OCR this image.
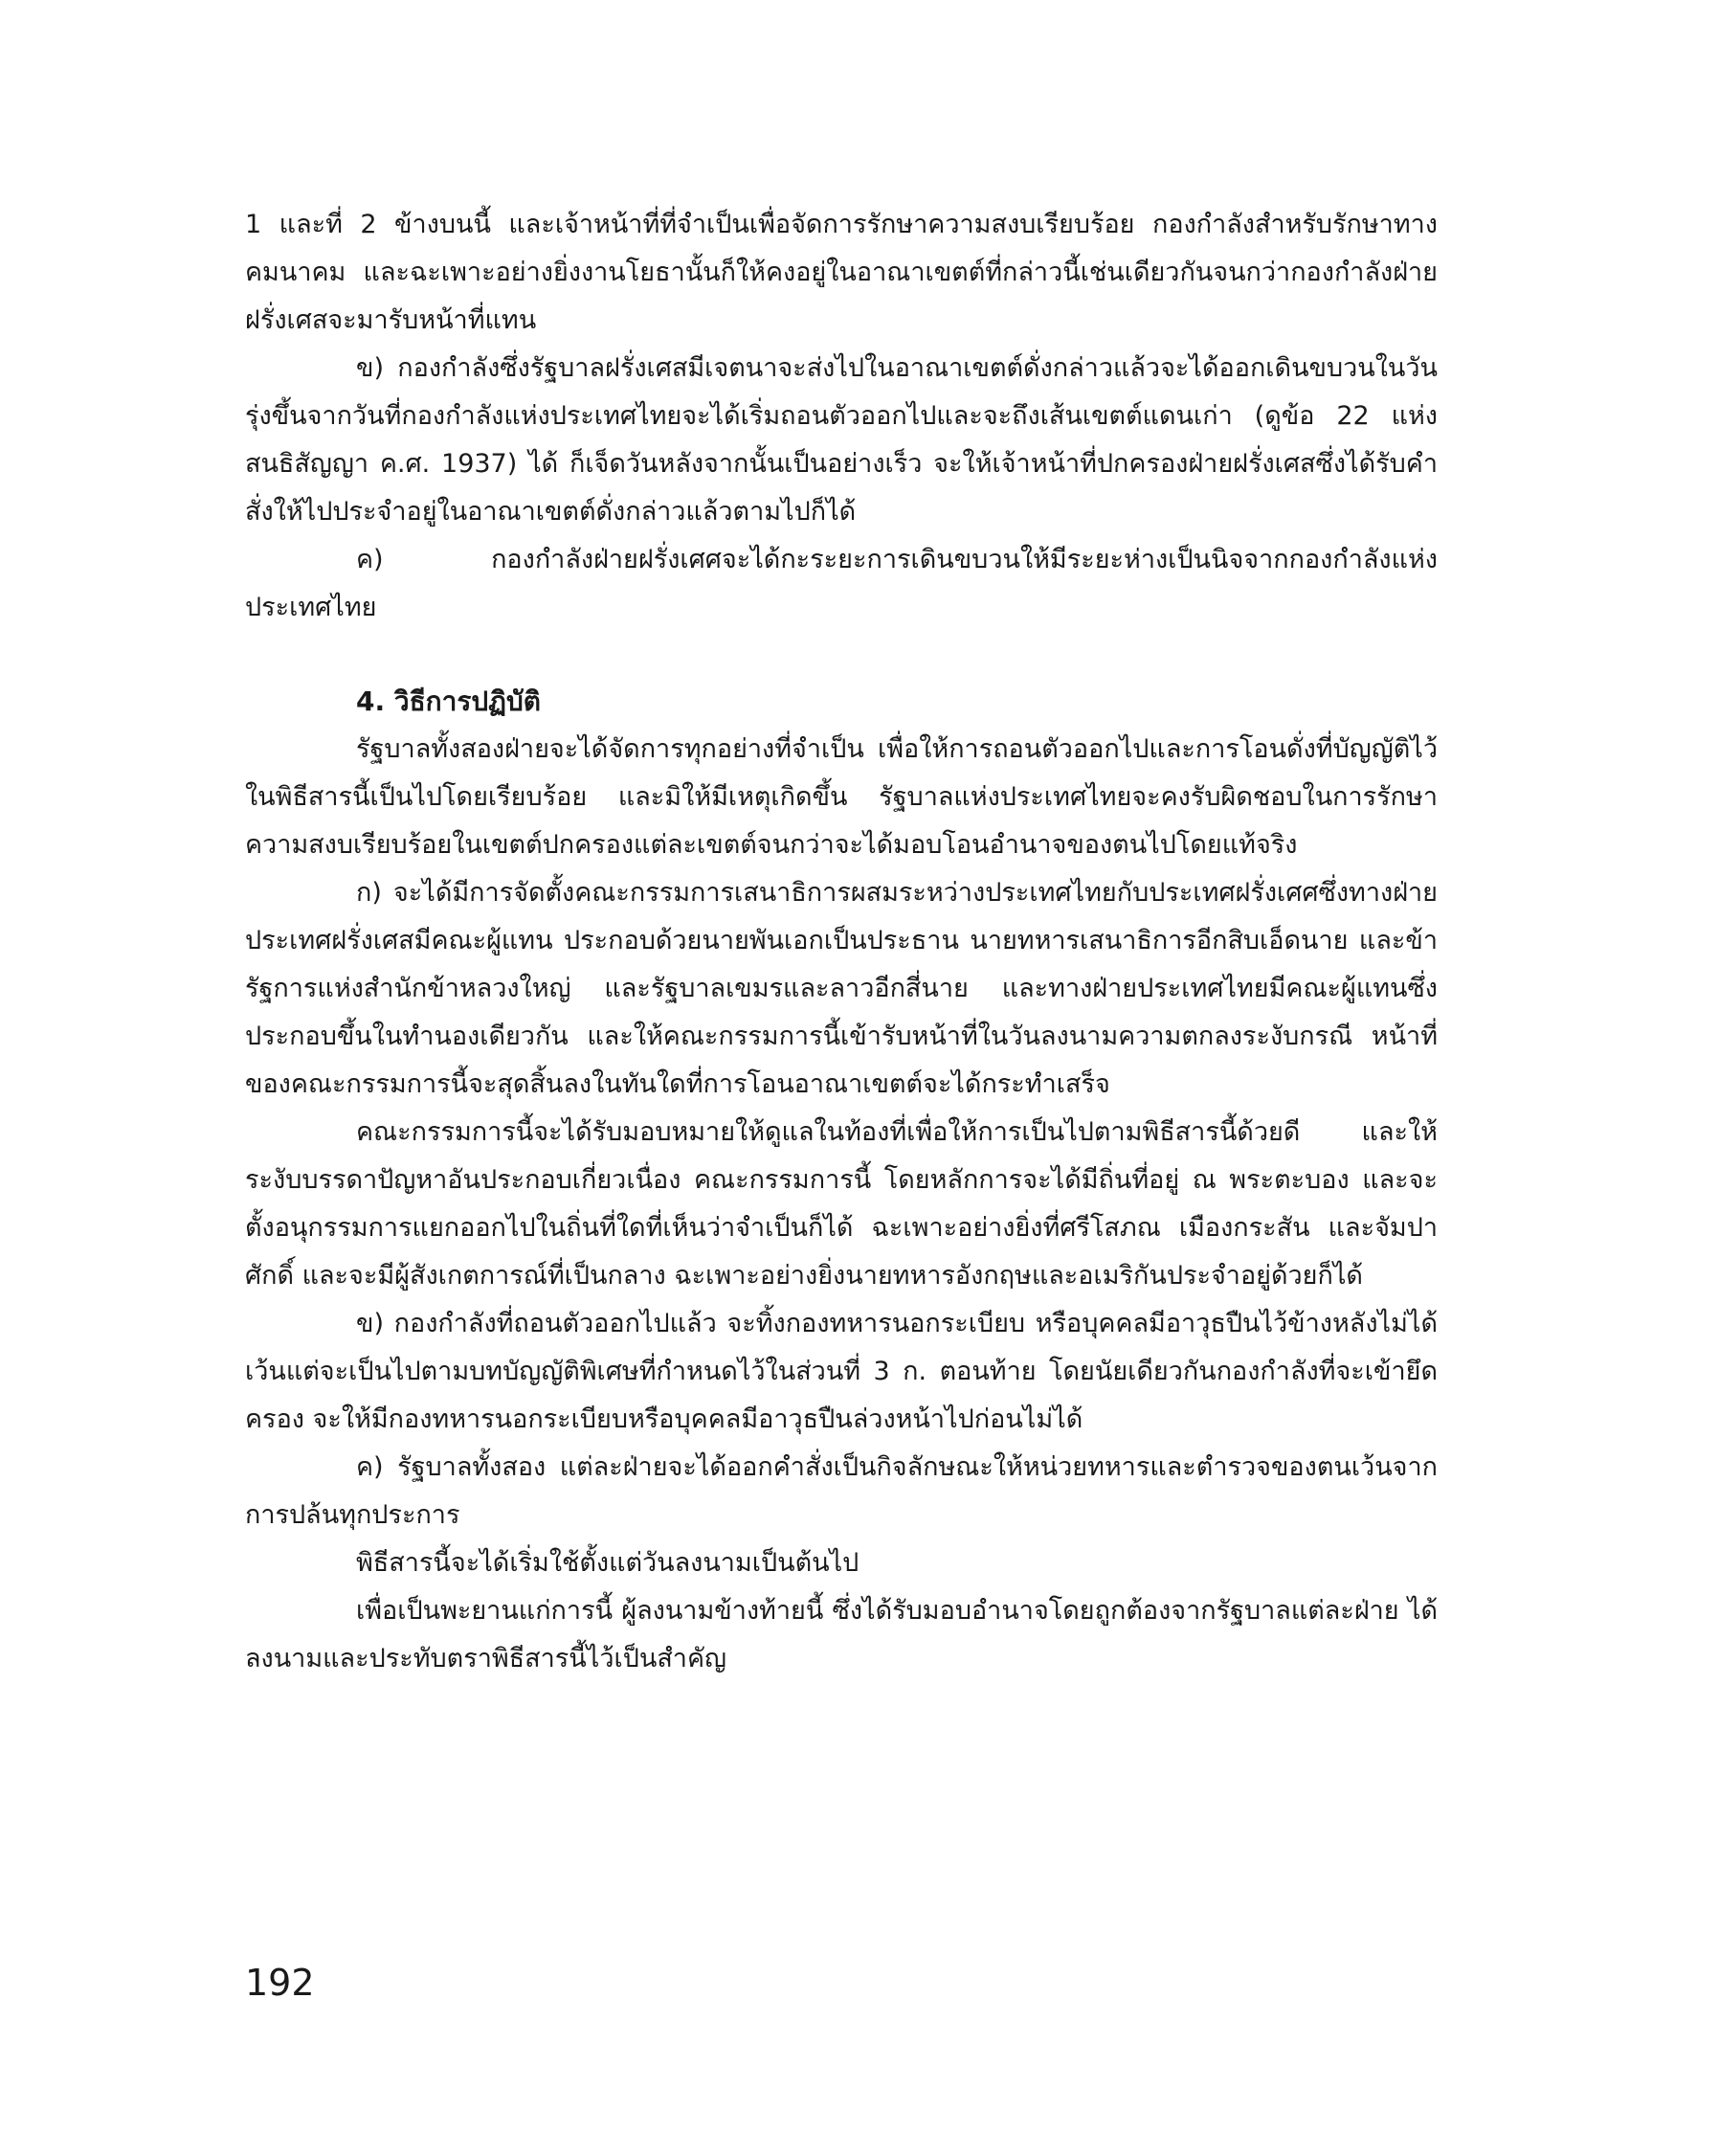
1 และที่ 2 ข้างบนนี้ และเจ้าหน้าที่ที่จำเป็นเพื่อจัดการรักษาความสงบเรียบร้อย กองกำลังสำหรับรักษาทางคมนาคม และฉะเพาะอย่างยิ่งงานโยธานั้นก็ให้คงอยู่ในอาณาเขตต์ที่กล่าวนี้เช่นเดียวกันจนกว่ากองกำลังฝ่ายฝรั่งเศสจะมารับหน้าที่แทน

ข) กองกำลังซึ่งรัฐบาลฝรั่งเศสมีเจตนาจะส่งไปในอาณาเขตต์ดั่งกล่าวแล้วจะได้ออกเดินขบวนในวันรุ่งขึ้นจากวันที่กองกำลังแห่งประเทศไทยจะได้เริ่มถอนตัวออกไปและจะถึงเส้นเขตต์แดนเก่า (ดูข้อ 22 แห่งสนธิสัญญา ค.ศ. 1937) ได้ ก็เจ็ดวันหลังจากนั้นเป็นอย่างเร็ว จะให้เจ้าหน้าที่ปกครองฝ่ายฝรั่งเศสซึ่งได้รับคำสั่งให้ไปประจำอยู่ในอาณาเขตต์ดั่งกล่าวแล้วตามไปก็ได้

ค) กองกำลังฝ่ายฝรั่งเศศจะได้กะระยะการเดินขบวนให้มีระยะห่างเป็นนิจจากกองกำลังแห่งประเทศไทย

4. วิธีการปฏิบัติ

รัฐบาลทั้งสองฝ่ายจะได้จัดการทุกอย่างที่จำเป็น เพื่อให้การถอนตัวออกไปและการโอนดั่งที่บัญญัติไว้ในพิธีสารนี้เป็นไปโดยเรียบร้อย และมิให้มีเหตุเกิดขึ้น รัฐบาลแห่งประเทศไทยจะคงรับผิดชอบในการรักษาความสงบเรียบร้อยในเขตต์ปกครองแต่ละเขตต์จนกว่าจะได้มอบโอนอำนาจของตนไปโดยแท้จริง

ก) จะได้มีการจัดตั้งคณะกรรมการเสนาธิการผสมระหว่างประเทศไทยกับประเทศฝรั่งเศศซึ่งทางฝ่ายประเทศฝรั่งเศสมีคณะผู้แทน ประกอบด้วยนายพันเอกเป็นประธาน นายทหารเสนาธิการอีกสิบเอ็ดนาย และข้ารัฐการแห่งสำนักข้าหลวงใหญ่ และรัฐบาลเขมรและลาวอีกสี่นาย และทางฝ่ายประเทศไทยมีคณะผู้แทนซึ่งประกอบขึ้นในทำนองเดียวกัน และให้คณะกรรมการนี้เข้ารับหน้าที่ในวันลงนามความตกลงระงับกรณี หน้าที่ของคณะกรรมการนี้จะสุดสิ้นลงในทันใดที่การโอนอาณาเขตต์จะได้กระทำเสร็จ

คณะกรรมการนี้จะได้รับมอบหมายให้ดูแลในท้องที่เพื่อให้การเป็นไปตามพิธีสารนี้ด้วยดี และให้ระงับบรรดาปัญหาอันประกอบเกี่ยวเนื่อง คณะกรรมการนี้ โดยหลักการจะได้มีถิ่นที่อยู่ ณ พระตะบอง และจะตั้งอนุกรรมการแยกออกไปในถิ่นที่ใดที่เห็นว่าจำเป็นก็ได้ ฉะเพาะอย่างยิ่งที่ศรีโสภณ เมืองกระสัน และจัมปาศักดิ์ และจะมีผู้สังเกตการณ์ที่เป็นกลาง ฉะเพาะอย่างยิ่งนายทหารอังกฤษและอเมริกันประจำอยู่ด้วยก็ได้

ข) กองกำลังที่ถอนตัวออกไปแล้ว จะทิ้งกองทหารนอกระเบียบ หรือบุคคลมีอาวุธปืนไว้ข้างหลังไม่ได้ เว้นแต่จะเป็นไปตามบทบัญญัติพิเศษที่กำหนดไว้ในส่วนที่ 3 ก. ตอนท้าย โดยนัยเดียวกันกองกำลังที่จะเข้ายึดครอง จะให้มีกองทหารนอกระเบียบหรือบุคคลมีอาวุธปืนล่วงหน้าไปก่อนไม่ได้

ค) รัฐบาลทั้งสอง แต่ละฝ่ายจะได้ออกคำสั่งเป็นกิจลักษณะให้หน่วยทหารและตำรวจของตนเว้นจากการปล้นทุกประการ

พิธีสารนี้จะได้เริ่มใช้ตั้งแต่วันลงนามเป็นต้นไป

เพื่อเป็นพะยานแก่การนี้ ผู้ลงนามข้างท้ายนี้ ซึ่งได้รับมอบอำนาจโดยถูกต้องจากรัฐบาลแต่ละฝ่าย ได้ลงนามและประทับตราพิธีสารนี้ไว้เป็นสำคัญ

192
